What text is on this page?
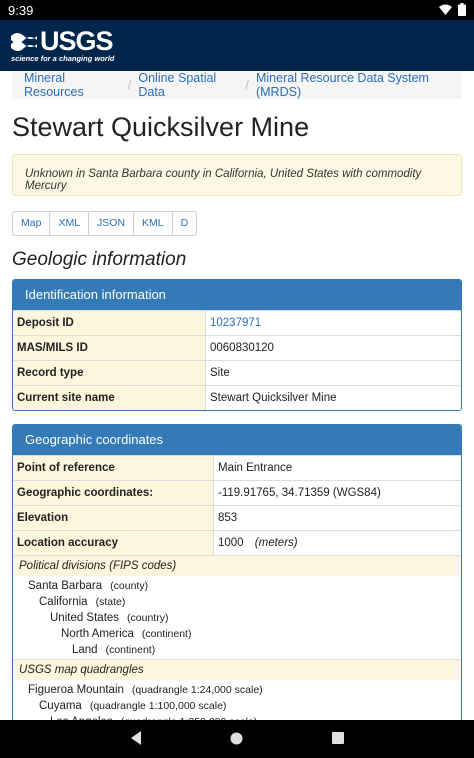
9:39
USGS
science for a changing world
Mineral Resources	/ Online Spatial Data	/ Mineral Resource Data System (MRDS)
Stewart Quicksilver Mine
Unknown in Santa Barbara county in California, United States with commodity Mercury
Map	XML	JSON	KML	D
Geologic information
Identification information
Deposit ID	10237971
MAS/MILS ID	0060830120
Record type	Site
Current site name	Stewart Quicksilver Mine
Geographic coordinates
Point of reference	Main Entrance
Geographic coordinates:	-119.91765, 34.71359 (WGS84)
Elevation	853
Location accuracy	1000 (meters)
Political divisions (FIPS codes)
Santa Barbara (county)
California (state)
United States (country)
North America (continent)
Land (continent)
USGS map quadrangles
Figueroa Mountain (quadrangle 1:24,000 scale)
Cuyama (quadrangle 1:100,000 scale)
